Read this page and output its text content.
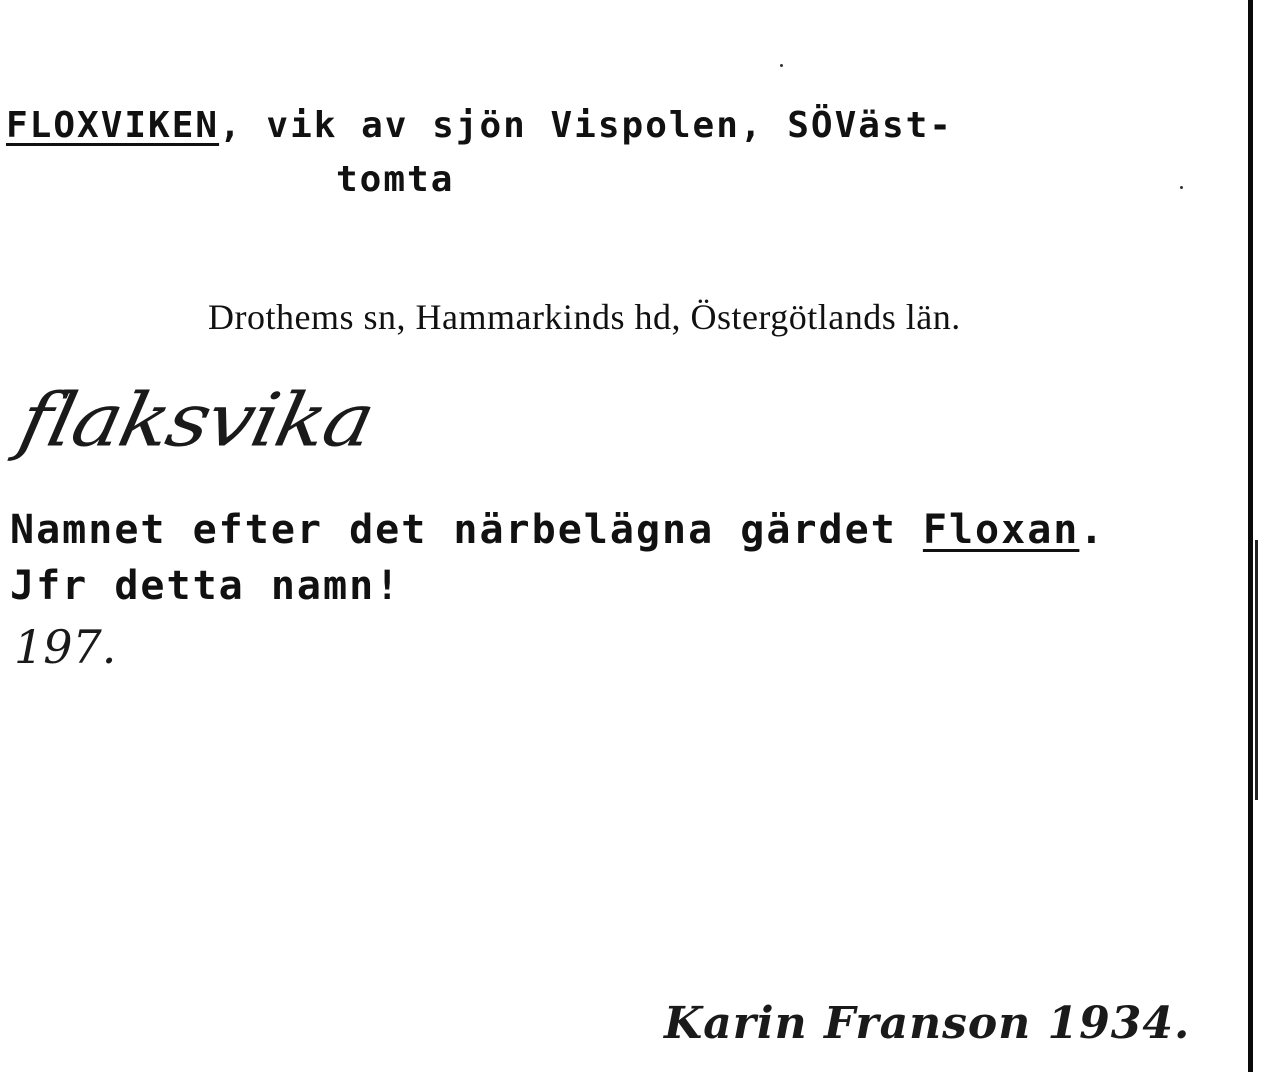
FLOXVIKEN, vik av sjön Vispolen, SÖVäst-
tomta
Drothems sn, Hammarkinds hd, Östergötlands län.
flaksvika
Namnet efter det närbelägna gärdet Floxan.
Jfr detta namn!
197.
Karin Franson 1934.
